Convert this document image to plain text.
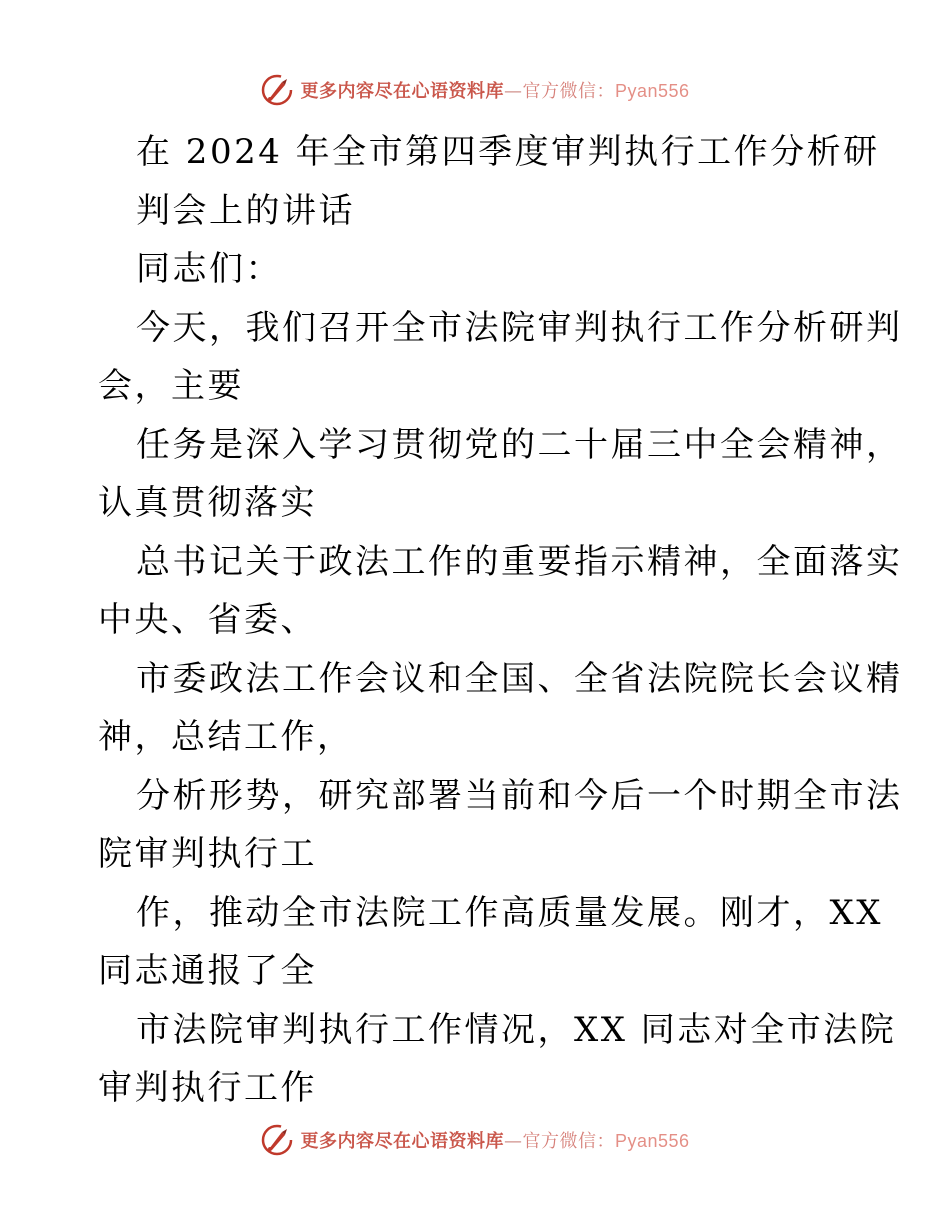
更多内容尽在心语资料库—官方微信：Pyan556
在 2024 年全市第四季度审判执行工作分析研
判会上的讲话
同志们：
今天，我们召开全市法院审判执行工作分析研判
会，主要
任务是深入学习贯彻党的二十届三中全会精神，
认真贯彻落实
总书记关于政法工作的重要指示精神，全面落实
中央、省委、
市委政法工作会议和全国、全省法院院长会议精
神，总结工作，
分析形势，研究部署当前和今后一个时期全市法
院审判执行工
作，推动全市法院工作高质量发展。刚才，XX
同志通报了全
市法院审判执行工作情况，XX 同志对全市法院
审判执行工作
更多内容尽在心语资料库—官方微信：Pyan556
